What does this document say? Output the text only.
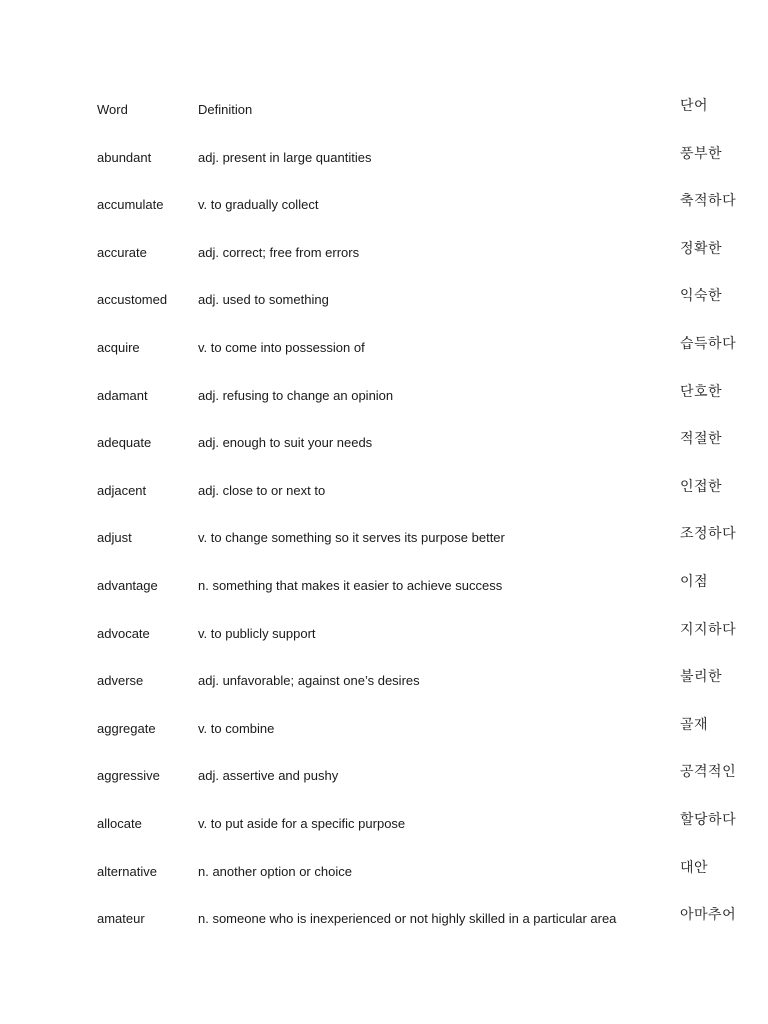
Word	Definition	단어
abundant	adj. present in large quantities	풍부한
accumulate	v. to gradually collect	축적하다
accurate	adj. correct; free from errors	정확한
accustomed adj. used to something	익숙한
acquire	v. to come into possession of	습득하다
adamant	adj. refusing to change an opinion	단호한
adequate	adj. enough to suit your needs	적절한
adjacent	adj. close to or next to	인접한
adjust	v. to change something so it serves its purpose better	조정하다
advantage	n. something that makes it easier to achieve success	이점
advocate	v. to publicly support	지지하다
adverse	adj. unfavorable; against one’s desires	불리한
aggregate	v. to combine	골재
aggressive	adj. assertive and pushy	공격적인
allocate	v. to put aside for a specific purpose	할당하다
alternative	n. another option or choice	대안
amateur	n. someone who is inexperienced or not highly skilled in a particular area	아마추어
